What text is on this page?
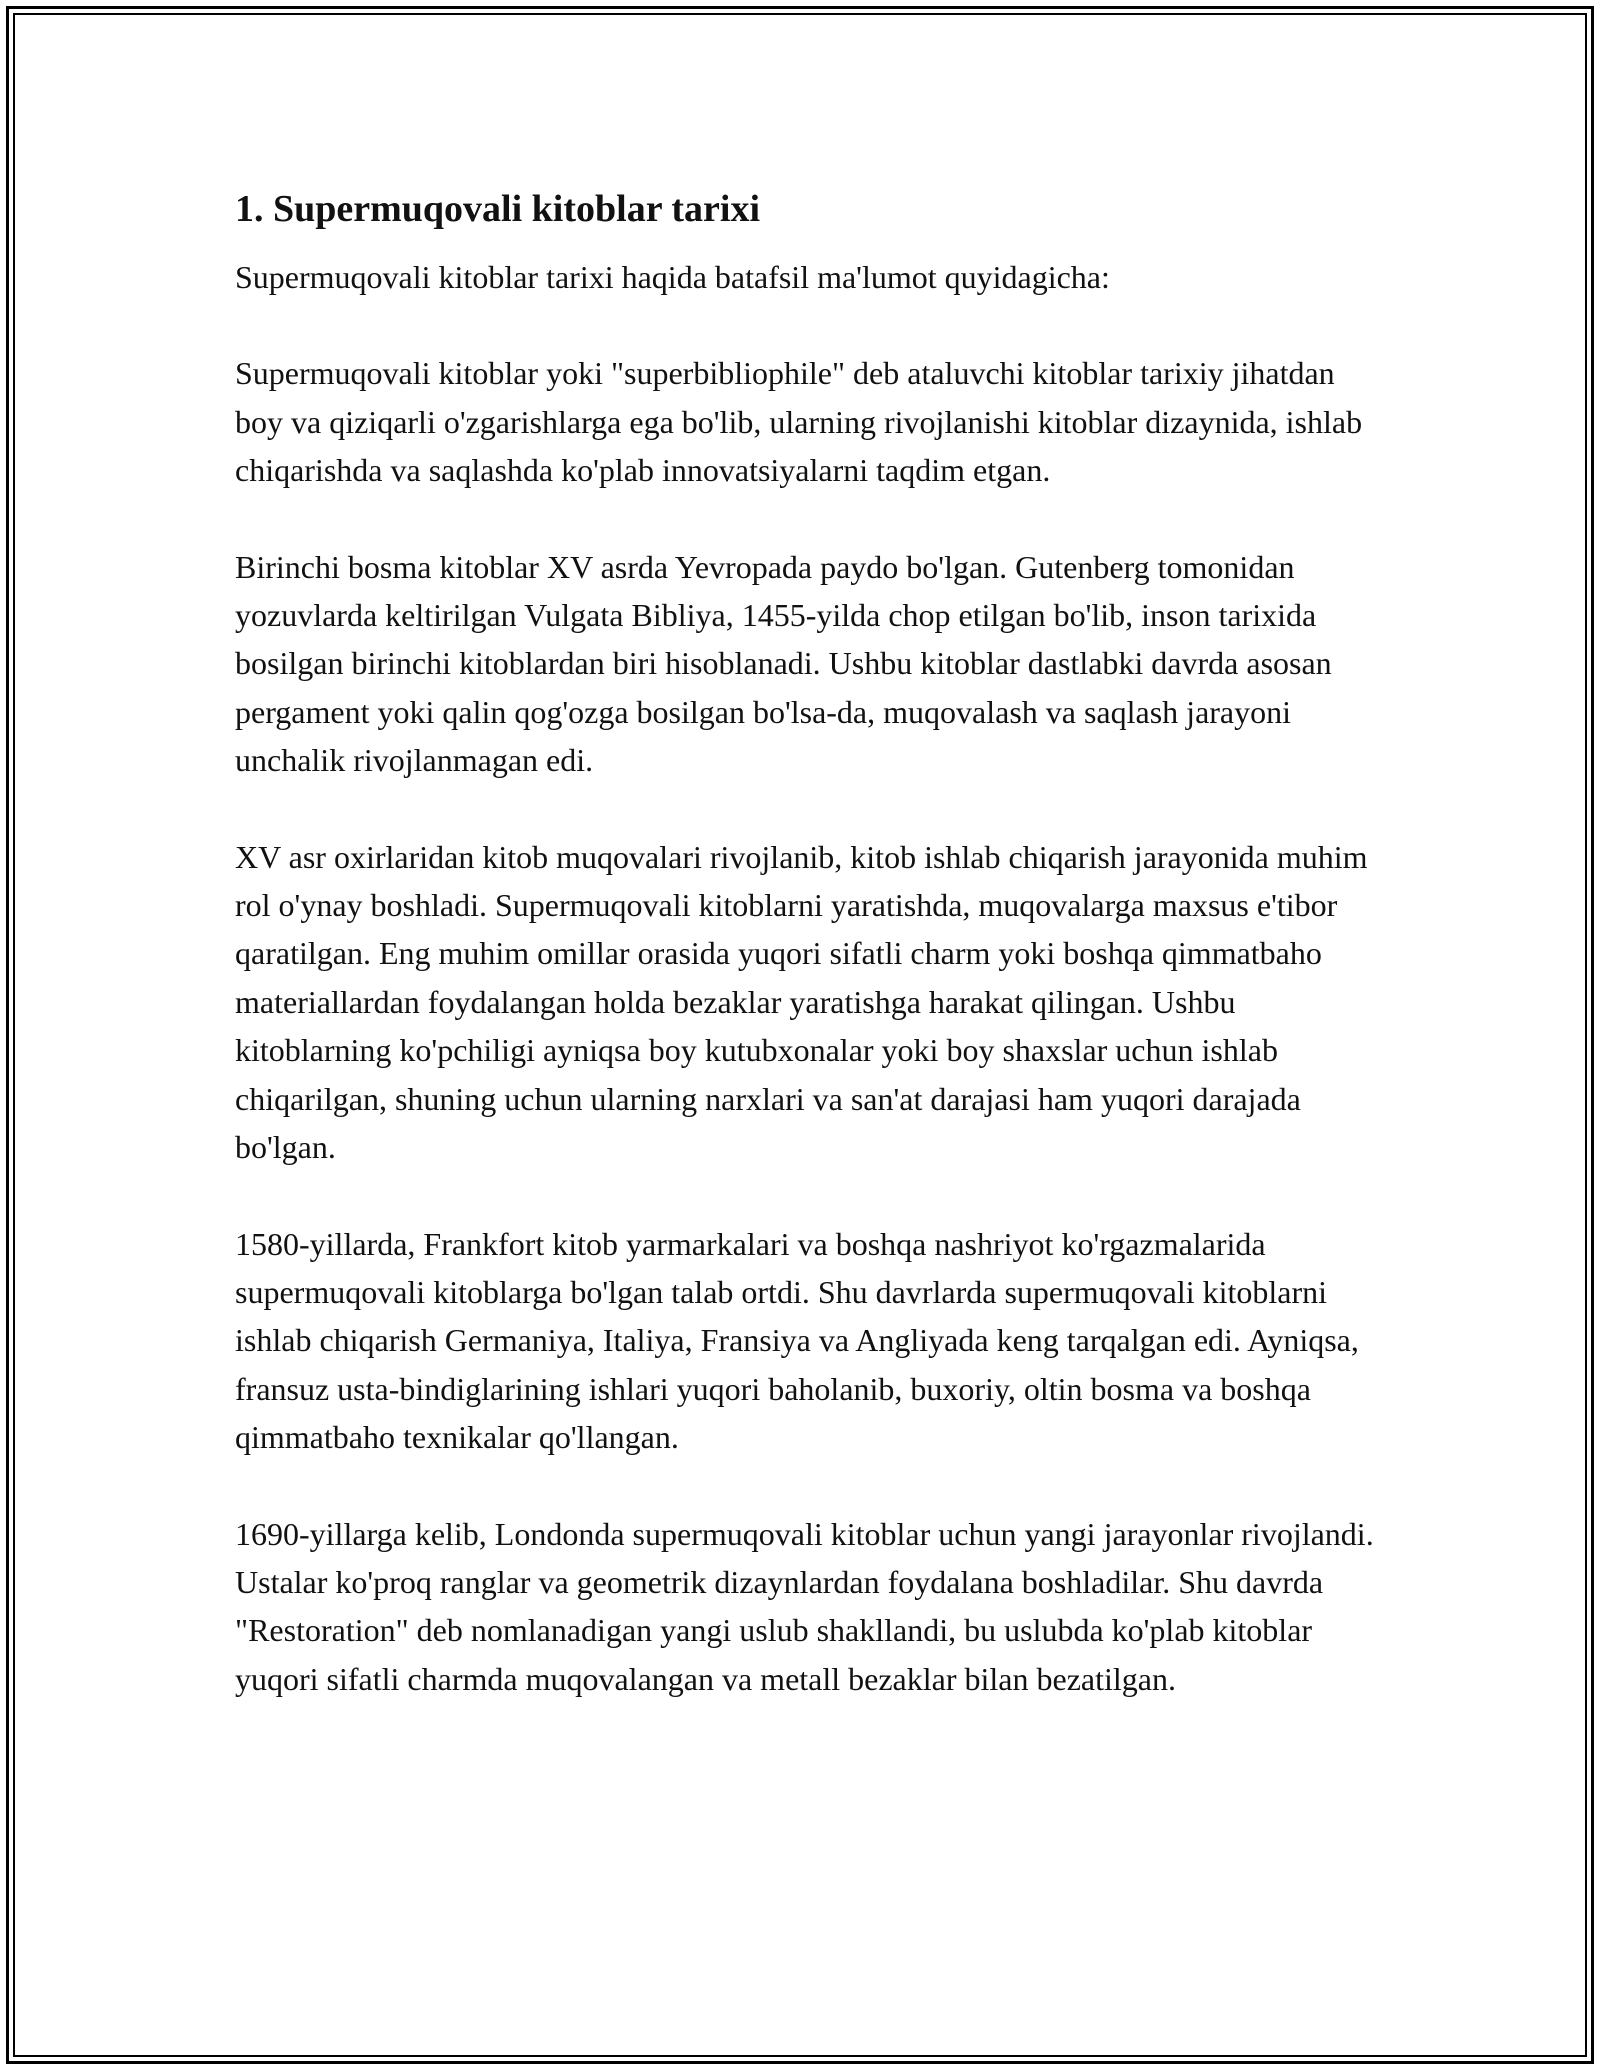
1. Supermuqovali kitoblar tarixi

Supermuqovali kitoblar tarixi haqida batafsil ma'lumot quyidagicha:

Supermuqovali kitoblar yoki "superbibliophile" deb ataluvchi kitoblar tarixiy jihatdan boy va qiziqarli o'zgarishlarga ega bo'lib, ularning rivojlanishi kitoblar dizaynida, ishlab chiqarishda va saqlashda ko'plab innovatsiyalarni taqdim etgan.

Birinchi bosma kitoblar XV asrda Yevropada paydo bo'lgan. Gutenberg tomonidan yozuvlarda keltirilgan Vulgata Bibliya, 1455-yilda chop etilgan bo'lib, inson tarixida bosilgan birinchi kitoblardan biri hisoblanadi. Ushbu kitoblar dastlabki davrda asosan pergament yoki qalin qog'ozga bosilgan bo'lsa-da, muqovalash va saqlash jarayoni unchalik rivojlanmagan edi.

XV asr oxirlaridan kitob muqovalari rivojlanib, kitob ishlab chiqarish jarayonida muhim rol o'ynay boshladi. Supermuqovali kitoblarni yaratishda, muqovalarga maxsus e'tibor qaratilgan. Eng muhim omillar orasida yuqori sifatli charm yoki boshqa qimmatbaho materiallardan foydalangan holda bezaklar yaratishga harakat qilingan. Ushbu kitoblarning ko'pchiligi ayniqsa boy kutubxonalar yoki boy shaxslar uchun ishlab chiqarilgan, shuning uchun ularning narxlari va san'at darajasi ham yuqori darajada bo'lgan.

1580-yillarda, Frankfort kitob yarmarkalari va boshqa nashriyot ko'rgazmalarida supermuqovali kitoblarga bo'lgan talab ortdi. Shu davrlarda supermuqovali kitoblarni ishlab chiqarish Germaniya, Italiya, Fransiya va Angliyada keng tarqalgan edi. Ayniqsa, fransuz usta-bindiglarining ishlari yuqori baholanib, buxoriy, oltin bosma va boshqa qimmatbaho texnikalar qo'llangan.

1690-yillarga kelib, Londonda supermuqovali kitoblar uchun yangi jarayonlar rivojlandi. Ustalar ko'proq ranglar va geometrik dizaynlardan foydalana boshladilar. Shu davrda "Restoration" deb nomlanadigan yangi uslub shakllandi, bu uslubda ko'plab kitoblar yuqori sifatli charmda muqovalangan va metall bezaklar bilan bezatilgan.
